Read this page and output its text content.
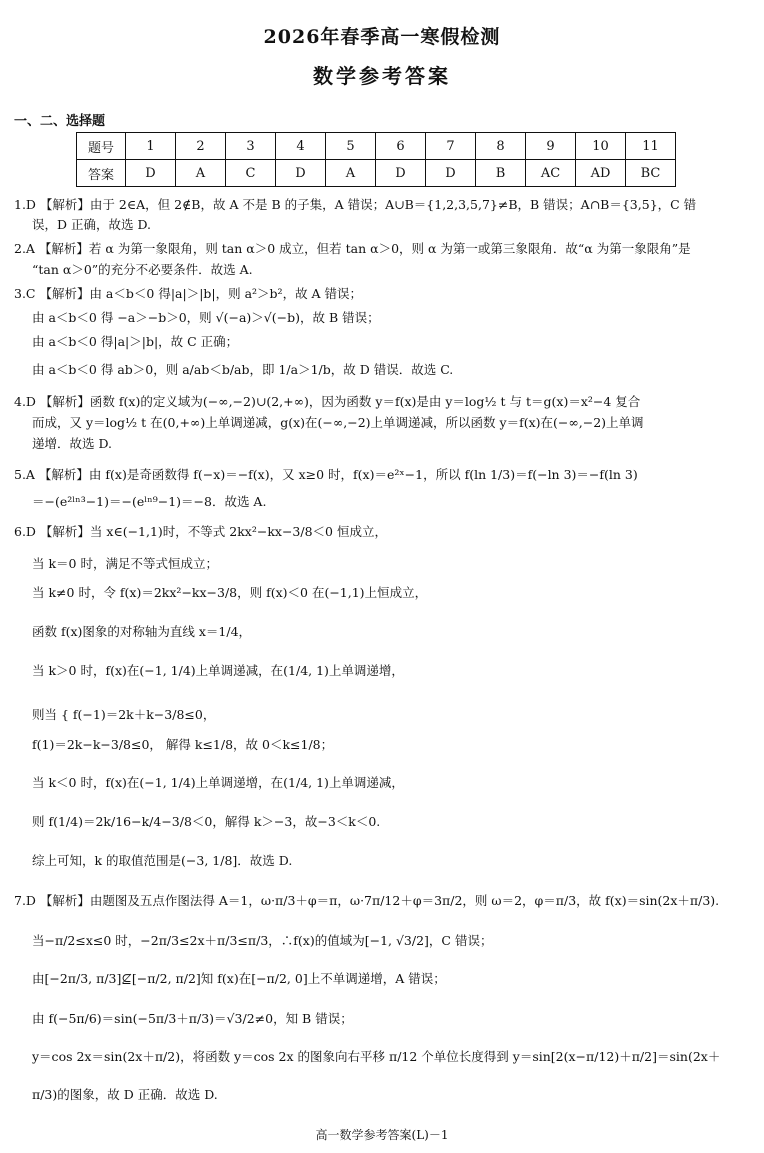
2026年春季高一寒假检测
数学参考答案
一、二、选择题
题号	1	2	3	4	5	6	7	8	9	10	11
答案	D	A	C	D	A	D	D	B	AC	AD	BC
1.D 【解析】由于 2∈A，但 2∉B，故 A 不是 B 的子集，A 错误；A∪B＝{1,2,3,5,7}≠B，B 错误；A∩B＝{3,5}，C 错
误，D 正确，故选 D.
2.A 【解析】若 α 为第一象限角，则 tan α＞0 成立，但若 tan α＞0，则 α 为第一或第三象限角．故“α 为第一象限角”是
“tan α＞0”的充分不必要条件．故选 A.
3.C 【解析】由 a＜b＜0 得|a|＞|b|，则 a²＞b²，故 A 错误；
由 a＜b＜0 得 −a＞−b＞0，则 √(−a)＞√(−b)，故 B 错误；
由 a＜b＜0 得|a|＞|b|，故 C 正确；
由 a＜b＜0 得 ab＞0，则 a/ab＜b/ab，即 1/a＞1/b，故 D 错误．故选 C.
4.D 【解析】函数 f(x)的定义域为(−∞,−2)∪(2,+∞)，因为函数 y＝f(x)是由 y＝log½ t 与 t＝g(x)＝x²−4 复合
而成，又 y＝log½ t 在(0,+∞)上单调递减，g(x)在(−∞,−2)上单调递减，所以函数 y＝f(x)在(−∞,−2)上单调
递增．故选 D.
5.A 【解析】由 f(x)是奇函数得 f(−x)＝−f(x)，又 x≥0 时，f(x)＝e²ˣ−1，所以 f(ln 1/3)＝f(−ln 3)＝−f(ln 3)
＝−(e²ˡⁿ³−1)＝−(eˡⁿ⁹−1)＝−8．故选 A.
6.D 【解析】当 x∈(−1,1)时，不等式 2kx²−kx−3/8＜0 恒成立，
当 k＝0 时，满足不等式恒成立；
当 k≠0 时，令 f(x)＝2kx²−kx−3/8，则 f(x)＜0 在(−1,1)上恒成立，
函数 f(x)图象的对称轴为直线 x＝1/4，
当 k＞0 时，f(x)在(−1, 1/4)上单调递减，在(1/4, 1)上单调递增，
则当 { f(−1)＝2k＋k−3/8≤0，
f(1)＝2k−k−3/8≤0， 解得 k≤1/8，故 0＜k≤1/8；
当 k＜0 时，f(x)在(−1, 1/4)上单调递增，在(1/4, 1)上单调递减，
则 f(1/4)＝2k/16−k/4−3/8＜0，解得 k＞−3，故−3＜k＜0.
综上可知，k 的取值范围是(−3, 1/8]．故选 D.
7.D 【解析】由题图及五点作图法得 A＝1，ω·π/3＋φ＝π，ω·7π/12＋φ＝3π/2，则 ω＝2，φ＝π/3，故 f(x)＝sin(2x＋π/3).
当−π/2≤x≤0 时，−2π/3≤2x＋π/3≤π/3，∴f(x)的值域为[−1, √3/2]，C 错误；
由[−2π/3, π/3]⊈[−π/2, π/2]知 f(x)在[−π/2, 0]上不单调递增，A 错误；
由 f(−5π/6)＝sin(−5π/3＋π/3)＝√3/2≠0，知 B 错误；
y＝cos 2x＝sin(2x＋π/2)，将函数 y＝cos 2x 的图象向右平移 π/12 个单位长度得到 y＝sin[2(x−π/12)＋π/2]＝sin(2x＋
π/3)的图象，故 D 正确．故选 D.
高一数学参考答案(L)－1
